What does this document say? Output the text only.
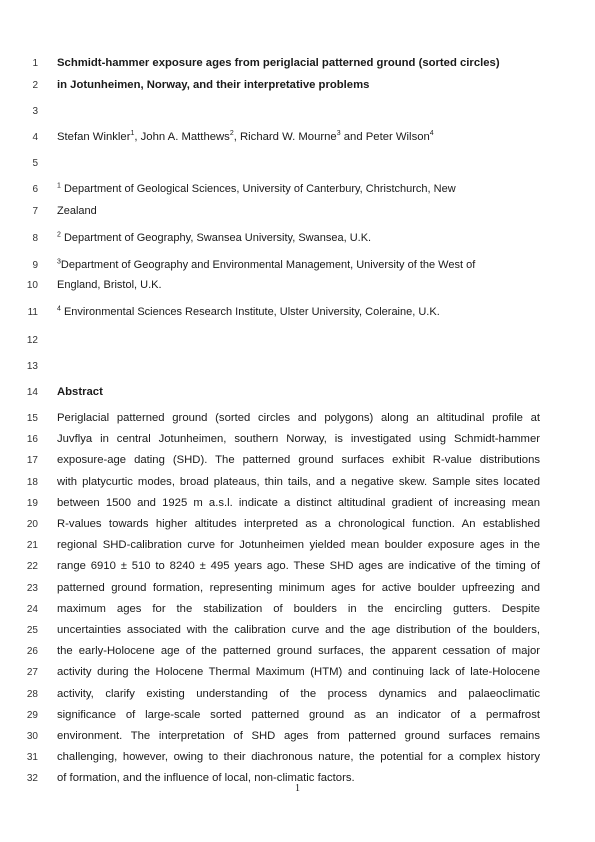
1
2
3
4
5
6
7
8
9
10
11
12
13
14
15
16
17
18
19
20
21
22
23
24
25
26
27
28
29
30
31
32
Schmidt-hammer exposure ages from periglacial patterned ground (sorted circles)
in Jotunheimen, Norway, and their interpretative problems
Stefan Winkler$^1$, John A. Matthews$^2$, Richard W. Mourne$^3$ and Peter Wilson$^4$
$^1$ Department of Geological Sciences, University of Canterbury, Christchurch, New
Zealand
$^2$ Department of Geography, Swansea University, Swansea, U.K.
$^3$Department of Geography and Environmental Management, University of the West of
England, Bristol, U.K.
$^4$ Environmental Sciences Research Institute, Ulster University, Coleraine, U.K.
Abstract
Periglacial patterned ground (sorted circles and polygons) along an altitudinal profile at
Juvflya in central Jotunheimen, southern Norway, is investigated using Schmidt-hammer
exposure-age dating (SHD). The patterned ground surfaces exhibit R-value distributions
with platycurtic modes, broad plateaus, thin tails, and a negative skew. Sample sites located
between 1500 and 1925 m a.s.l. indicate a distinct altitudinal gradient of increasing mean
R-values towards higher altitudes interpreted as a chronological function. An established
regional SHD-calibration curve for Jotunheimen yielded mean boulder exposure ages in the
range 6910 ± 510 to 8240 ± 495 years ago. These SHD ages are indicative of the timing of
patterned ground formation, representing minimum ages for active boulder upfreezing and
maximum ages for the stabilization of boulders in the encircling gutters. Despite
uncertainties associated with the calibration curve and the age distribution of the boulders,
the early-Holocene age of the patterned ground surfaces, the apparent cessation of major
activity during the Holocene Thermal Maximum (HTM) and continuing lack of late-Holocene
activity, clarify existing understanding of the process dynamics and palaeoclimatic
significance of large-scale sorted patterned ground as an indicator of a permafrost
environment. The interpretation of SHD ages from patterned ground surfaces remains
challenging, however, owing to their diachronous nature, the potential for a complex history
of formation, and the influence of local, non-climatic factors.
1
